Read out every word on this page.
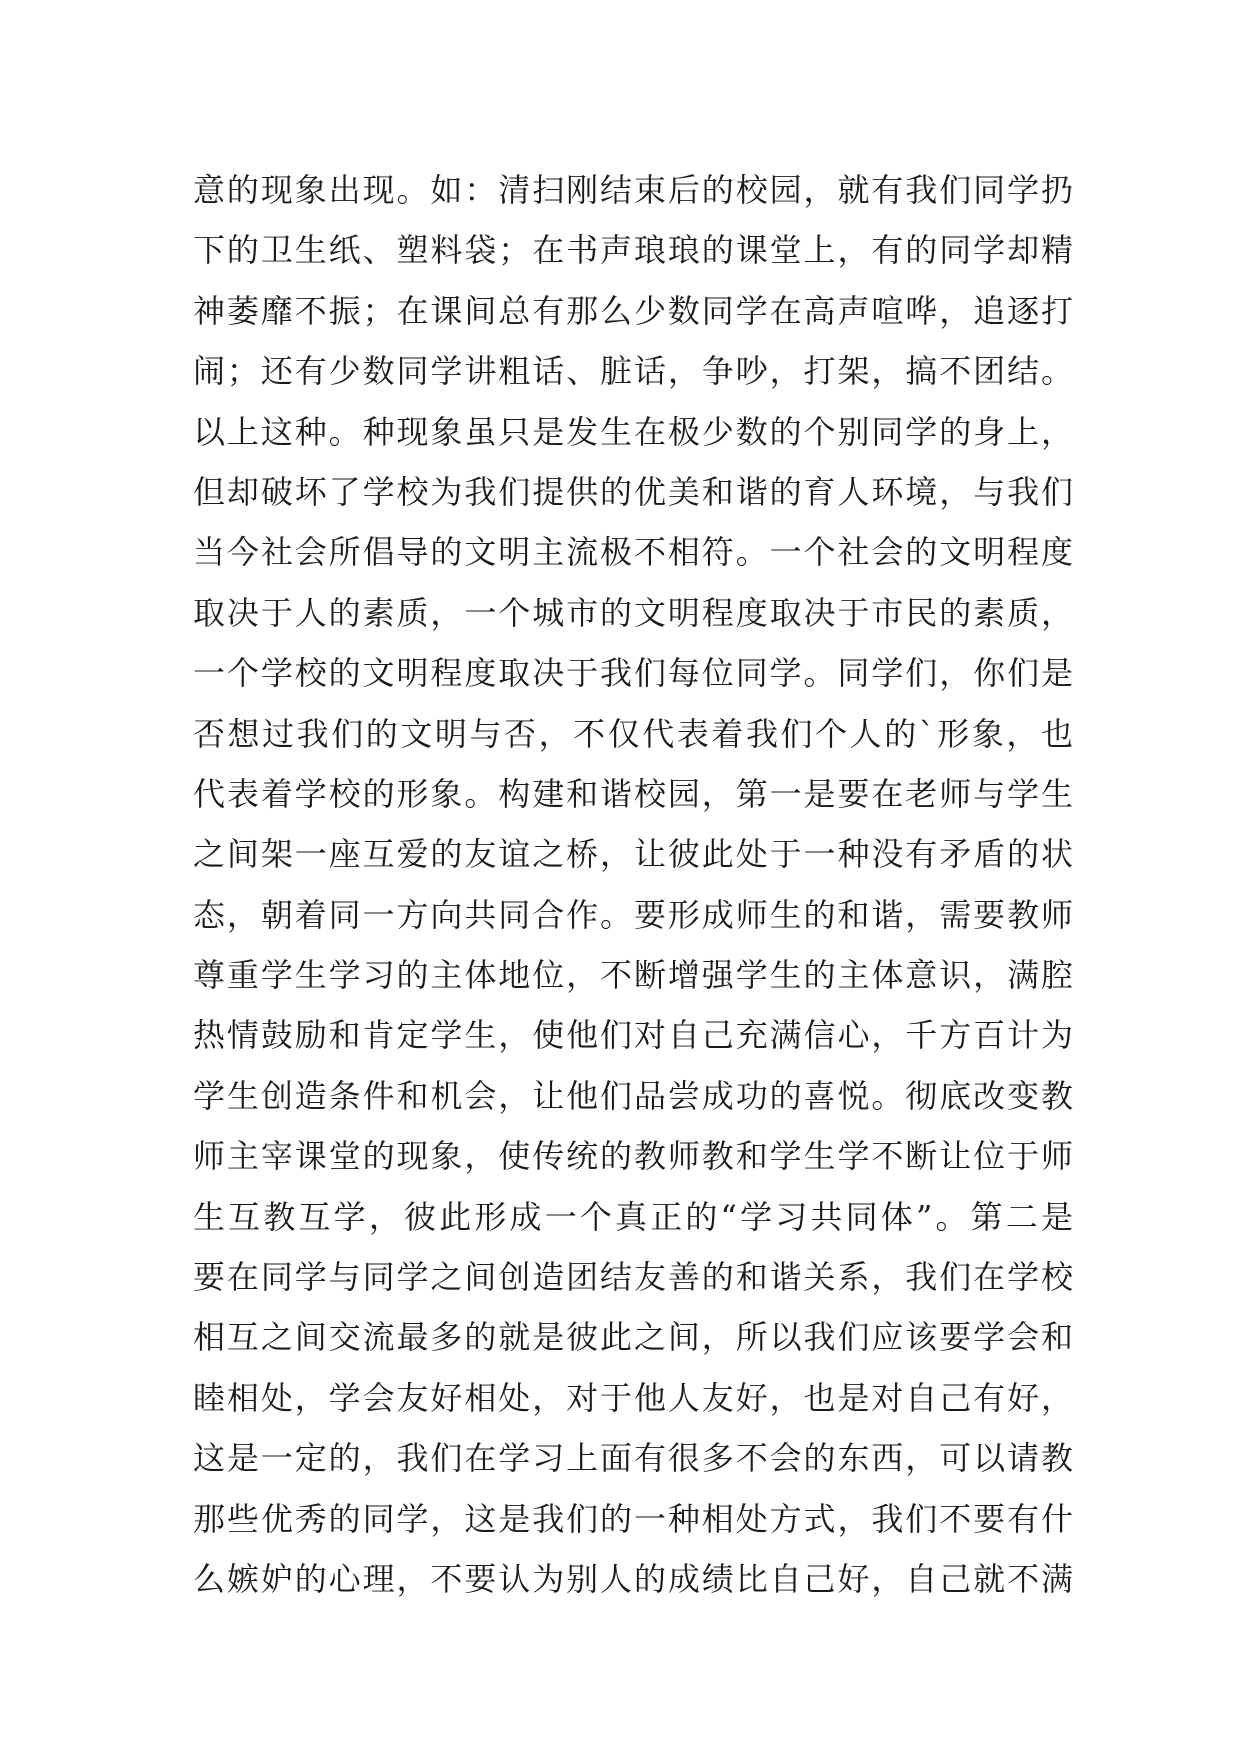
意的现象出现。如：清扫刚结束后的校园，就有我们同学扔
下的卫生纸、塑料袋；在书声琅琅的课堂上，有的同学却精
神萎靡不振；在课间总有那么少数同学在高声喧哗，追逐打
闹；还有少数同学讲粗话、脏话，争吵，打架，搞不团结。
以上这种。种现象虽只是发生在极少数的个别同学的身上，
但却破坏了学校为我们提供的优美和谐的育人环境，与我们
当今社会所倡导的文明主流极不相符。一个社会的文明程度
取决于人的素质，一个城市的文明程度取决于市民的素质，
一个学校的文明程度取决于我们每位同学。同学们，你们是
否想过我们的文明与否，不仅代表着我们个人的`形象，也
代表着学校的形象。构建和谐校园，第一是要在老师与学生
之间架一座互爱的友谊之桥，让彼此处于一种没有矛盾的状
态，朝着同一方向共同合作。要形成师生的和谐，需要教师
尊重学生学习的主体地位，不断增强学生的主体意识，满腔
热情鼓励和肯定学生，使他们对自己充满信心，千方百计为
学生创造条件和机会，让他们品尝成功的喜悦。彻底改变教
师主宰课堂的现象，使传统的教师教和学生学不断让位于师
生互教互学，彼此形成一个真正的“学习共同体”。第二是
要在同学与同学之间创造团结友善的和谐关系，我们在学校
相互之间交流最多的就是彼此之间，所以我们应该要学会和
睦相处，学会友好相处，对于他人友好，也是对自己有好，
这是一定的，我们在学习上面有很多不会的东西，可以请教
那些优秀的同学，这是我们的一种相处方式，我们不要有什
么嫉妒的心理，不要认为别人的成绩比自己好，自己就不满
